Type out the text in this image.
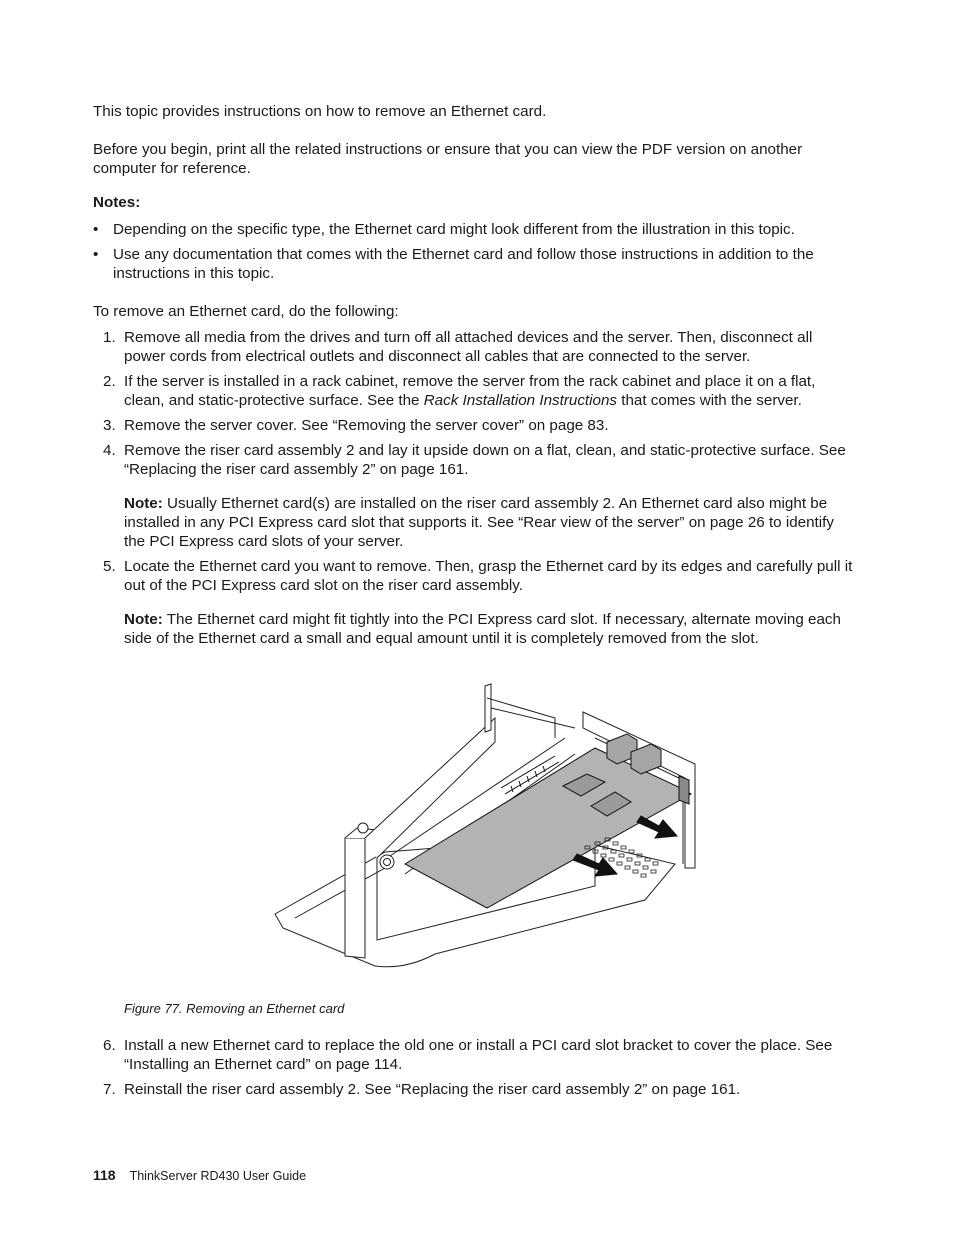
This topic provides instructions on how to remove an Ethernet card.

Before you begin, print all the related instructions or ensure that you can view the PDF version on another computer for reference.

Notes:

• Depending on the specific type, the Ethernet card might look different from the illustration in this topic.
• Use any documentation that comes with the Ethernet card and follow those instructions in addition to the instructions in this topic.

To remove an Ethernet card, do the following:

1. Remove all media from the drives and turn off all attached devices and the server. Then, disconnect all power cords from electrical outlets and disconnect all cables that are connected to the server.
2. If the server is installed in a rack cabinet, remove the server from the rack cabinet and place it on a flat, clean, and static-protective surface. See the Rack Installation Instructions that comes with the server.
3. Remove the server cover. See “Removing the server cover” on page 83.
4. Remove the riser card assembly 2 and lay it upside down on a flat, clean, and static-protective surface. See “Replacing the riser card assembly 2” on page 161.
Note: Usually Ethernet card(s) are installed on the riser card assembly 2. An Ethernet card also might be installed in any PCI Express card slot that supports it. See “Rear view of the server” on page 26 to identify the PCI Express card slots of your server.
5. Locate the Ethernet card you want to remove. Then, grasp the Ethernet card by its edges and carefully pull it out of the PCI Express card slot on the riser card assembly.
Note: The Ethernet card might fit tightly into the PCI Express card slot. If necessary, alternate moving each side of the Ethernet card a small and equal amount until it is completely removed from the slot.

Figure 77. Removing an Ethernet card

6. Install a new Ethernet card to replace the old one or install a PCI card slot bracket to cover the place. See “Installing an Ethernet card” on page 114.
7. Reinstall the riser card assembly 2. See “Replacing the riser card assembly 2” on page 161.
118 ThinkServer RD430 User Guide
